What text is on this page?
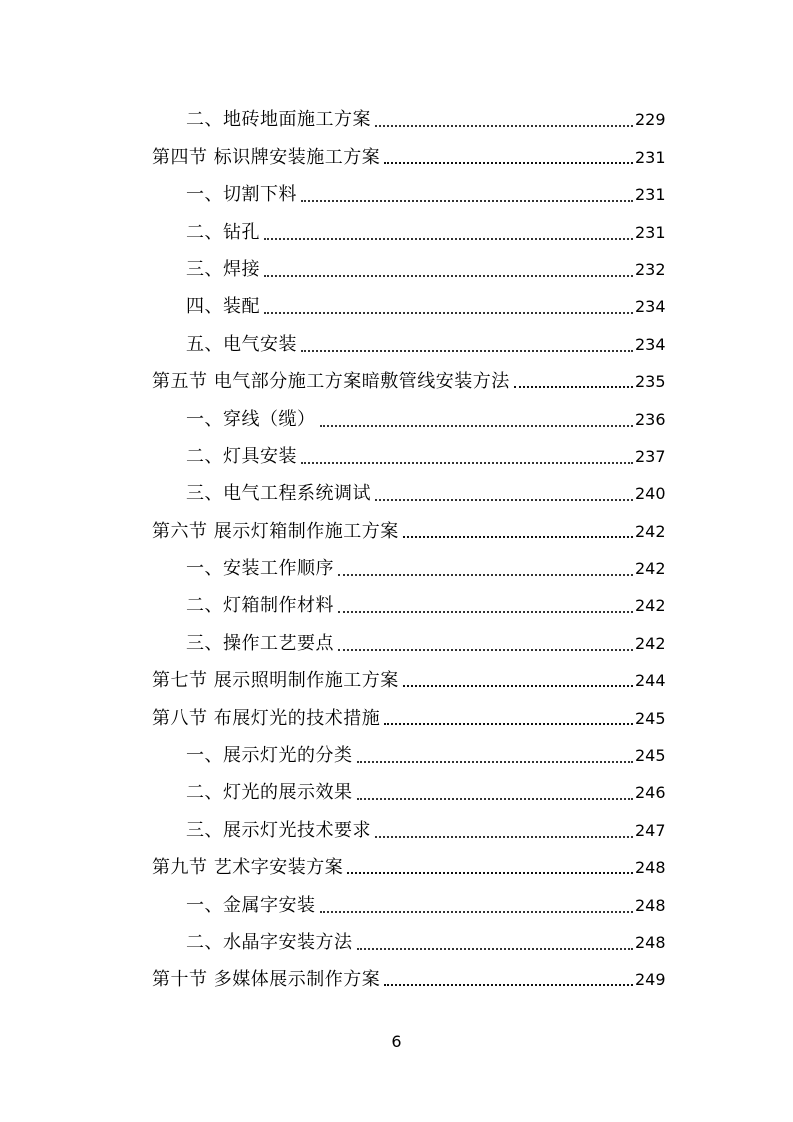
二、地砖地面施工方案	229
第四节 标识牌安装施工方案	231
一、切割下料	231
二、钻孔	231
三、焊接	232
四、装配	234
五、电气安装	234
第五节 电气部分施工方案暗敷管线安装方法	235
一、穿线（缆）	236
二、灯具安装	237
三、电气工程系统调试	240
第六节 展示灯箱制作施工方案	242
一、安装工作顺序	242
二、灯箱制作材料	242
三、操作工艺要点	242
第七节 展示照明制作施工方案	244
第八节 布展灯光的技术措施	245
一、展示灯光的分类	245
二、灯光的展示效果	246
三、展示灯光技术要求	247
第九节 艺术字安装方案	248
一、金属字安装	248
二、水晶字安装方法	248
第十节 多媒体展示制作方案	249
6
